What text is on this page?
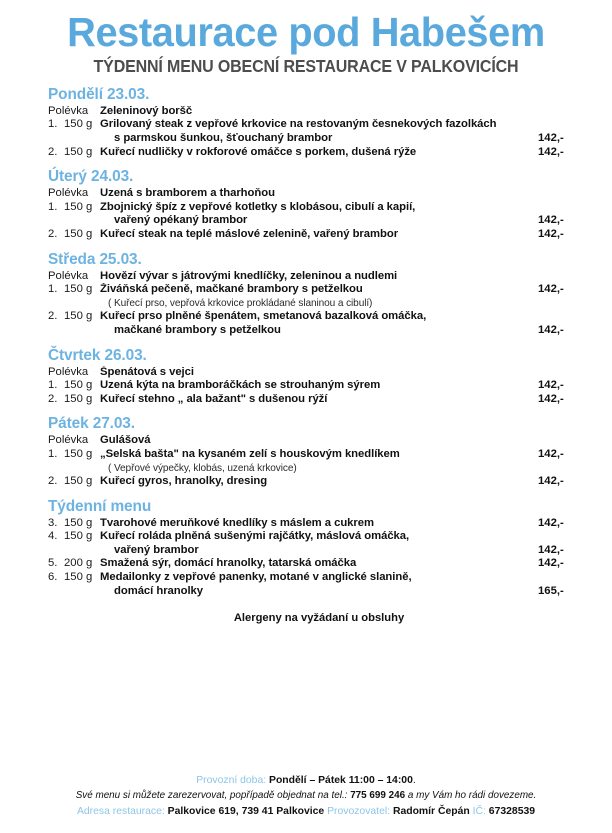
Restaurace pod Habešem
TÝDENNÍ MENU OBECNÍ RESTAURACE V PALKOVICÍCH
Pondělí 23.03.
Polévka	Zeleninový boršč
1. 150 g Grilovaný steak z vepřové krkovice na restovaným česnekových fazolkách
s parmskou šunkou, šťouchaný brambor	142,-
2. 150 g Kuřecí nudličky v rokforové omáčce s porkem, dušená rýže	142,-
Úterý 24.03.
Polévka	Uzená s bramborem a tharhoňou
1. 150 g Zbojnický špíz z vepřové kotletky s klobásou, cibulí a kapií,
vařený opékaný brambor	142,-
2. 150 g Kuřecí steak na teplé máslové zelenině, vařený brambor	142,-
Středa 25.03.
Polévka	Hovězí vývar s játrovými knedlíčky, zeleninou a nudlemi
1. 150 g Živáňská pečeně, mačkané brambory s petželkou	142,-
( Kuřecí prso, vepřová krkovice prokládané slaninou a cibulí)
2. 150 g Kuřecí prso plněné špenátem, smetanová bazalková omáčka,
mačkané brambory s petželkou	142,-
Čtvrtek 26.03.
Polévka	Špenátová s vejci
1. 150 g Uzená kýta na bramboráčkách se strouhaným sýrem	142,-
2. 150 g Kuřecí stehno „ ala bažant" s dušenou rýží	142,-
Pátek 27.03.
Polévka	Gulášová
1. 150 g „Selská bašta" na kysaném zelí s houskovým knedlíkem	142,-
( Vepřové výpečky, klobás, uzená krkovice)
2. 150 g Kuřecí gyros, hranolky, dresing	142,-
Týdenní menu
3. 150 g Tvarohové meruňkové knedlíky s máslem a cukrem	142,-
4. 150 g Kuřecí roláda plněná sušenými rajčátky, máslová omáčka,
vařený brambor	142,-
5. 200 g Smažená sýr, domácí hranolky, tatarská omáčka	142,-
6. 150 g Medailonky z vepřové panenky, motané v anglické slanině,
domácí hranolky	165,-
Alergeny na vyžádaní u obsluhy
Provozní doba: Pondělí – Pátek 11:00 – 14:00.
Své menu si můžete zarezervovat, popřípadě objednat na tel.: 775 699 246 a my Vám ho rádi dovezeme.
Adresa restaurace: Palkovice 619, 739 41 Palkovice Provozovatel: Radomír Čepán IČ: 67328539
